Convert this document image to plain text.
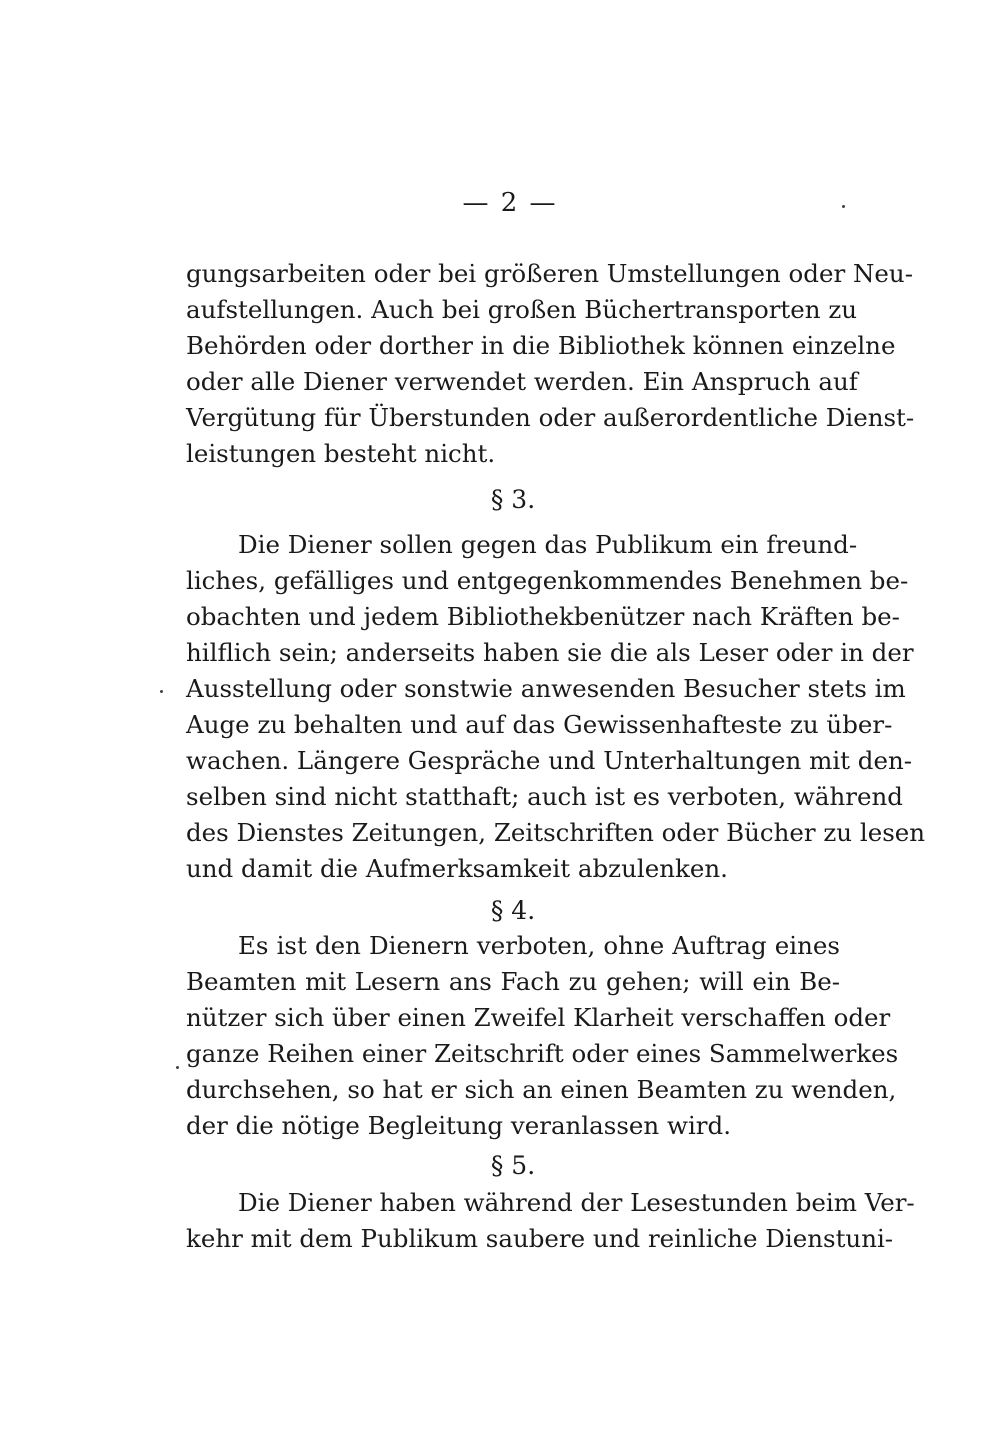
— 2 —
gungsarbeiten oder bei größeren Umstellungen oder Neu-
aufstellungen. Auch bei großen Büchertransporten zu
Behörden oder dorther in die Bibliothek können einzelne
oder alle Diener verwendet werden. Ein Anspruch auf
Vergütung für Überstunden oder außerordentliche Dienst-
leistungen besteht nicht.
§ 3.
Die Diener sollen gegen das Publikum ein freund-
liches, gefälliges und entgegenkommendes Benehmen be-
obachten und jedem Bibliothekbenützer nach Kräften be-
hilflich sein; anderseits haben sie die als Leser oder in der
Ausstellung oder sonstwie anwesenden Besucher stets im
Auge zu behalten und auf das Gewissenhafteste zu über-
wachen. Längere Gespräche und Unterhaltungen mit den-
selben sind nicht statthaft; auch ist es verboten, während
des Dienstes Zeitungen, Zeitschriften oder Bücher zu lesen
und damit die Aufmerksamkeit abzulenken.
§ 4.
Es ist den Dienern verboten, ohne Auftrag eines
Beamten mit Lesern ans Fach zu gehen; will ein Be-
nützer sich über einen Zweifel Klarheit verschaffen oder
ganze Reihen einer Zeitschrift oder eines Sammelwerkes
durchsehen, so hat er sich an einen Beamten zu wenden,
der die nötige Begleitung veranlassen wird.
§ 5.
Die Diener haben während der Lesestunden beim Ver-
kehr mit dem Publikum saubere und reinliche Dienstuni-
